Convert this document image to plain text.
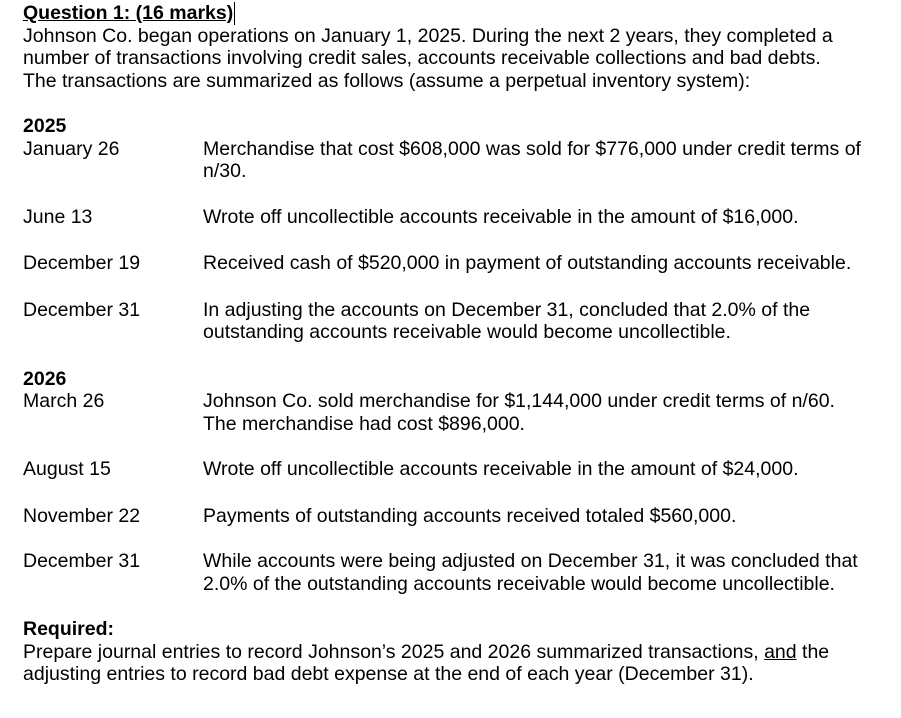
Question 1: (16 marks)

Johnson Co. began operations on January 1, 2025. During the next 2 years, they completed a

number of transactions involving credit sales, accounts receivable collections and bad debts.

The transactions are summarized as follows (assume a perpetual inventory system):

2025
January 26	Merchandise that cost $608,000 was sold for $776,000 under credit terms of

n/30.

June 13	Wrote off uncollectible accounts receivable in the amount of $16,000.

December 19	Received cash of $520,000 in payment of outstanding accounts receivable.

December 31	In adjusting the accounts on December 31, concluded that 2.0% of the

outstanding accounts receivable would become uncollectible.

2026
March 26	Johnson Co. sold merchandise for $1,144,000 under credit terms of n/60.

The merchandise had cost $896,000.

August 15	Wrote off uncollectible accounts receivable in the amount of $24,000.

November 22	Payments of outstanding accounts received totaled $560,000.

December 31	While accounts were being adjusted on December 31, it was concluded that

2.0% of the outstanding accounts receivable would become uncollectible.

Required:

Prepare journal entries to record Johnson’s 2025 and 2026 summarized transactions, and the

adjusting entries to record bad debt expense at the end of each year (December 31).
